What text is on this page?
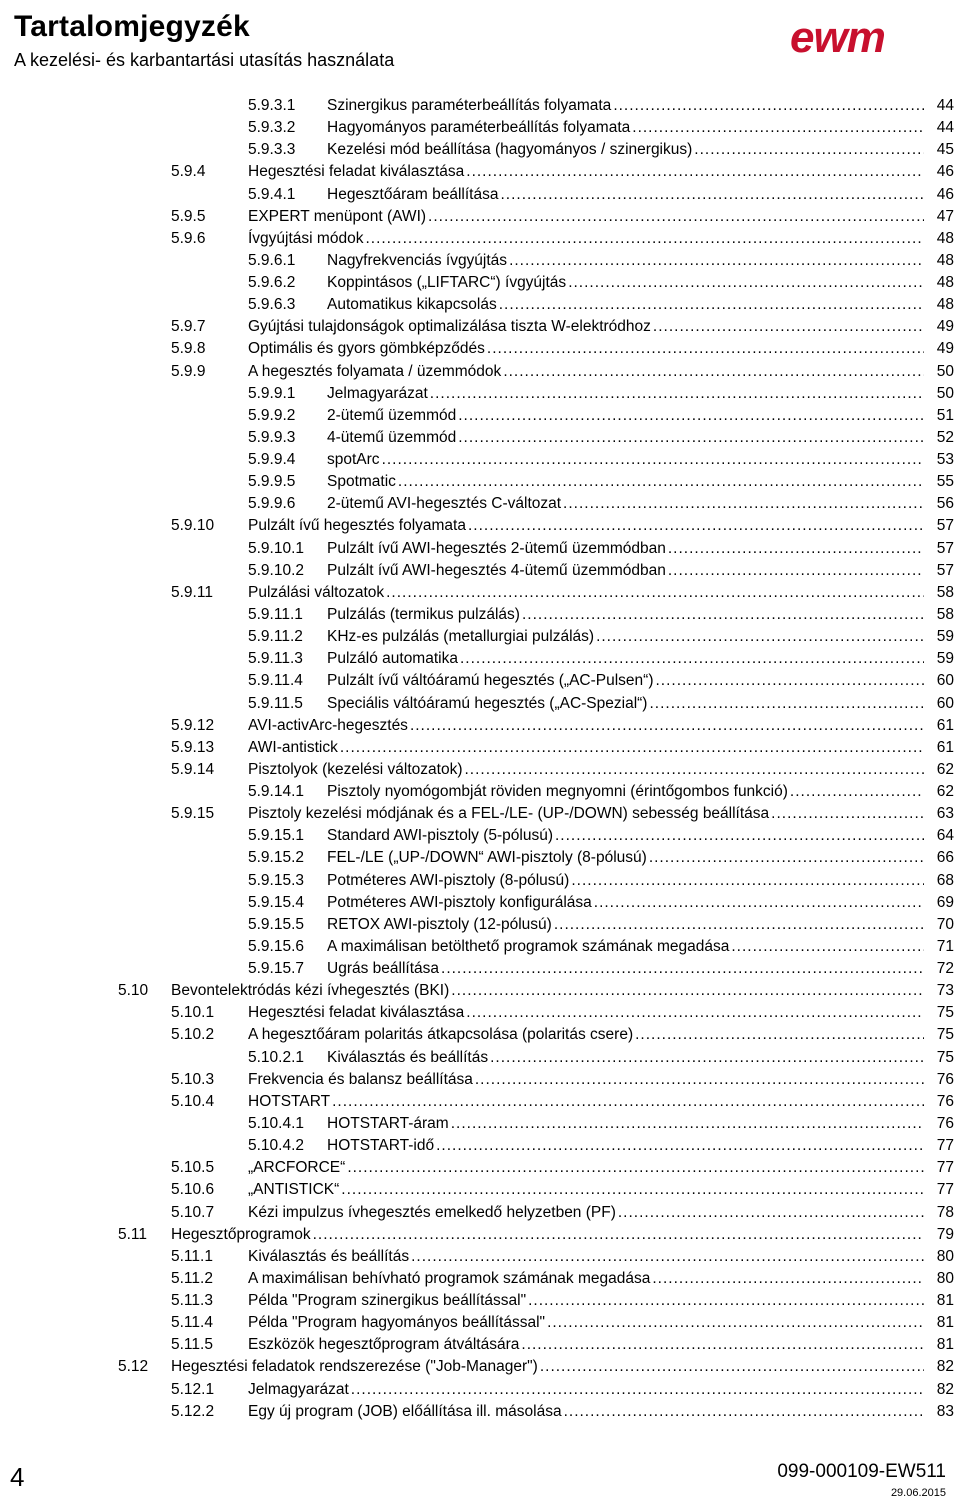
Tartalomjegyzék
A kezelési- és karbantartási utasítás használata	ewm
5.9.3.1 Szinergikus paraméterbeállítás folyamata .....	44
5.9.3.2 Hagyományos paraméterbeállítás folyamata .....	44
5.9.3.3 Kezelési mód beállítása (hagyományos / szinergikus) .....	45
5.9.4	Hegesztési feladat kiválasztása .....	46
5.9.4.1 Hegesztőáram beállítása .....	46
5.9.5	EXPERT menüpont (AWI) .....	47
5.9.6	Ívgyújtási módok .....	48
5.9.6.1 Nagyfrekvenciás ívgyújtás .....	48
5.9.6.2 Koppintásos („LIFTARC“) ívgyújtás .....	48
5.9.6.3 Automatikus kikapcsolás .....	48
5.9.7	Gyújtási tulajdonságok optimalizálása tiszta W-elektródhoz .....	49
5.9.8	Optimális és gyors gömbképződés .....	49
5.9.9	A hegesztés folyamata / üzemmódok .....	50
5.9.9.1 Jelmagyarázat .....	50
5.9.9.2 2-ütemű üzemmód .....	51
5.9.9.3 4-ütemű üzemmód .....	52
5.9.9.4 spotArc .....	53
5.9.9.5 Spotmatic .....	55
5.9.9.6 2-ütemű AVI-hegesztés C-változat .....	56
5.9.10 Pulzált ívű hegesztés folyamata .....	57
5.9.10.1 Pulzált ívű AWI-hegesztés 2-ütemű üzemmódban .....	57
5.9.10.2 Pulzált ívű AWI-hegesztés 4-ütemű üzemmódban .....	57
5.9.11 Pulzálási változatok .....	58
5.9.11.1 Pulzálás (termikus pulzálás) .....	58
5.9.11.2 KHz-es pulzálás (metallurgiai pulzálás) .....	59
5.9.11.3 Pulzáló automatika .....	59
5.9.11.4 Pulzált ívű váltóáramú hegesztés („AC-Pulsen“) .....	60
5.9.11.5 Speciális váltóáramú hegesztés („AC-Spezial“) .....	60
5.9.12 AVI-activArc-hegesztés .....	61
5.9.13 AWI-antistick .....	61
5.9.14 Pisztolyok (kezelési változatok) .....	62
5.9.14.1 Pisztoly nyomógombját röviden megnyomni (érintőgombos funkció) .....	62
5.9.15 Pisztoly kezelési módjának és a FEL-/LE- (UP-/DOWN) sebesség beállítása .....	63
5.9.15.1 Standard AWI-pisztoly (5-pólusú) .....	64
5.9.15.2 FEL-/LE („UP-/DOWN“ AWI-pisztoly (8-pólusú) .....	66
5.9.15.3 Potméteres AWI-pisztoly (8-pólusú) .....	68
5.9.15.4 Potméteres AWI-pisztoly konfigurálása .....	69
5.9.15.5 RETOX AWI-pisztoly (12-pólusú) .....	70
5.9.15.6 A maximálisan betölthető programok számának megadása .....	71
5.9.15.7 Ugrás beállítása .....	72
5.10 Bevontelektródás kézi ívhegesztés (BKI) .....	73
5.10.1 Hegesztési feladat kiválasztása .....	75
5.10.2 A hegesztőáram polaritás átkapcsolása (polaritás csere) .....	75
5.10.2.1 Kiválasztás és beállítás .....	75
5.10.3 Frekvencia és balansz beállítása .....	76
5.10.4 HOTSTART .....	76
5.10.4.1 HOTSTART-áram .....	76
5.10.4.2 HOTSTART-idő .....	77
5.10.5 „ARCFORCE“ .....	77
5.10.6 „ANTISTICK“ .....	77
5.10.7 Kézi impulzus ívhegesztés emelkedő helyzetben (PF) .....	78
5.11 Hegesztőprogramok .....	79
5.11.1 Kiválasztás és beállítás .....	80
5.11.2 A maximálisan behívható programok számának megadása .....	80
5.11.3 Példa "Program szinergikus beállítással" .....	81
5.11.4 Példa "Program hagyományos beállítással" .....	81
5.11.5 Eszközök hegesztőprogram átváltására .....	81
5.12 Hegesztési feladatok rendszerezése ("Job-Manager") .....	82
5.12.1 Jelmagyarázat .....	82
5.12.2 Egy új program (JOB) előállítása ill. másolása .....	83
4	099-000109-EW511
29.06.2015
